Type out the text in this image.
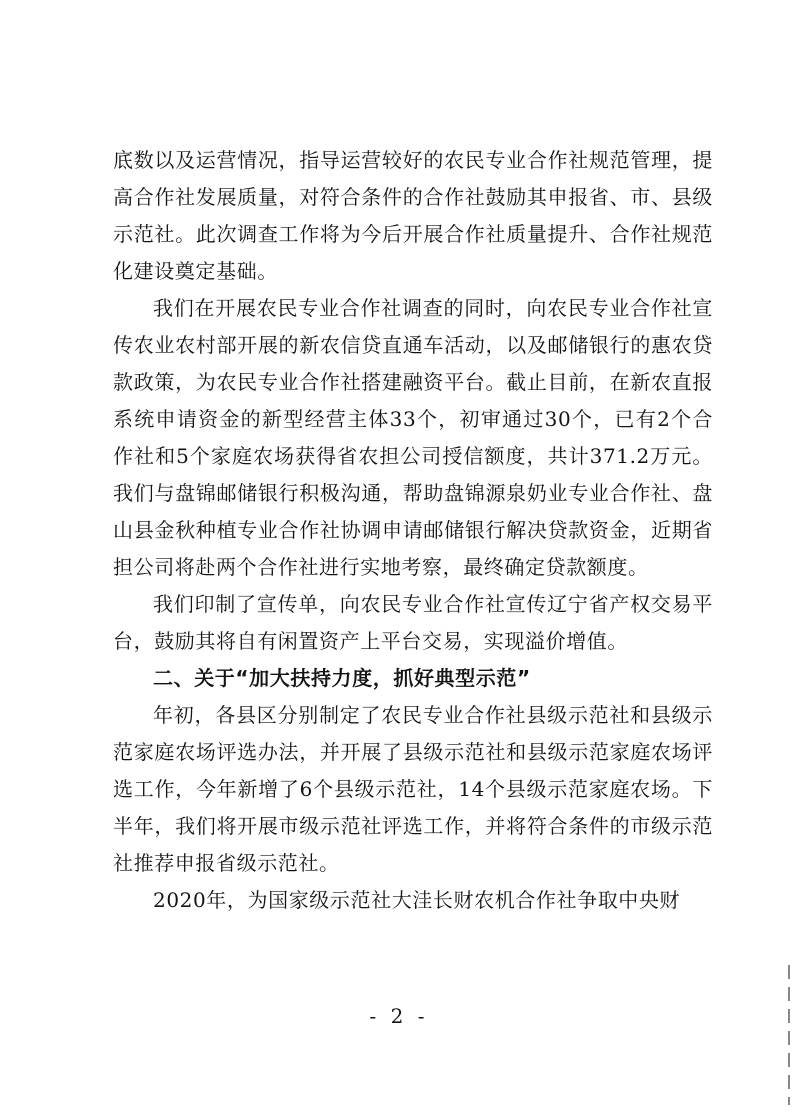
底数以及运营情况，指导运营较好的农民专业合作社规范管理，提高合作社发展质量，对符合条件的合作社鼓励其申报省、市、县级示范社。此次调查工作将为今后开展合作社质量提升、合作社规范化建设奠定基础。

我们在开展农民专业合作社调查的同时，向农民专业合作社宣传农业农村部开展的新农信贷直通车活动，以及邮储银行的惠农贷款政策，为农民专业合作社搭建融资平台。截止目前，在新农直报系统申请资金的新型经营主体33个，初审通过30个，已有2个合作社和5个家庭农场获得省农担公司授信额度，共计371.2万元。我们与盘锦邮储银行积极沟通，帮助盘锦源泉奶业专业合作社、盘山县金秋种植专业合作社协调申请邮储银行解决贷款资金，近期省担公司将赴两个合作社进行实地考察，最终确定贷款额度。

我们印制了宣传单，向农民专业合作社宣传辽宁省产权交易平台，鼓励其将自有闲置资产上平台交易，实现溢价增值。

二、关于“加大扶持力度，抓好典型示范”

年初，各县区分别制定了农民专业合作社县级示范社和县级示范家庭农场评选办法，并开展了县级示范社和县级示范家庭农场评选工作，今年新增了6个县级示范社，14个县级示范家庭农场。下半年，我们将开展市级示范社评选工作，并将符合条件的市级示范社推荐申报省级示范社。

2020年，为国家级示范社大洼长财农机合作社争取中央财

- 2 -
